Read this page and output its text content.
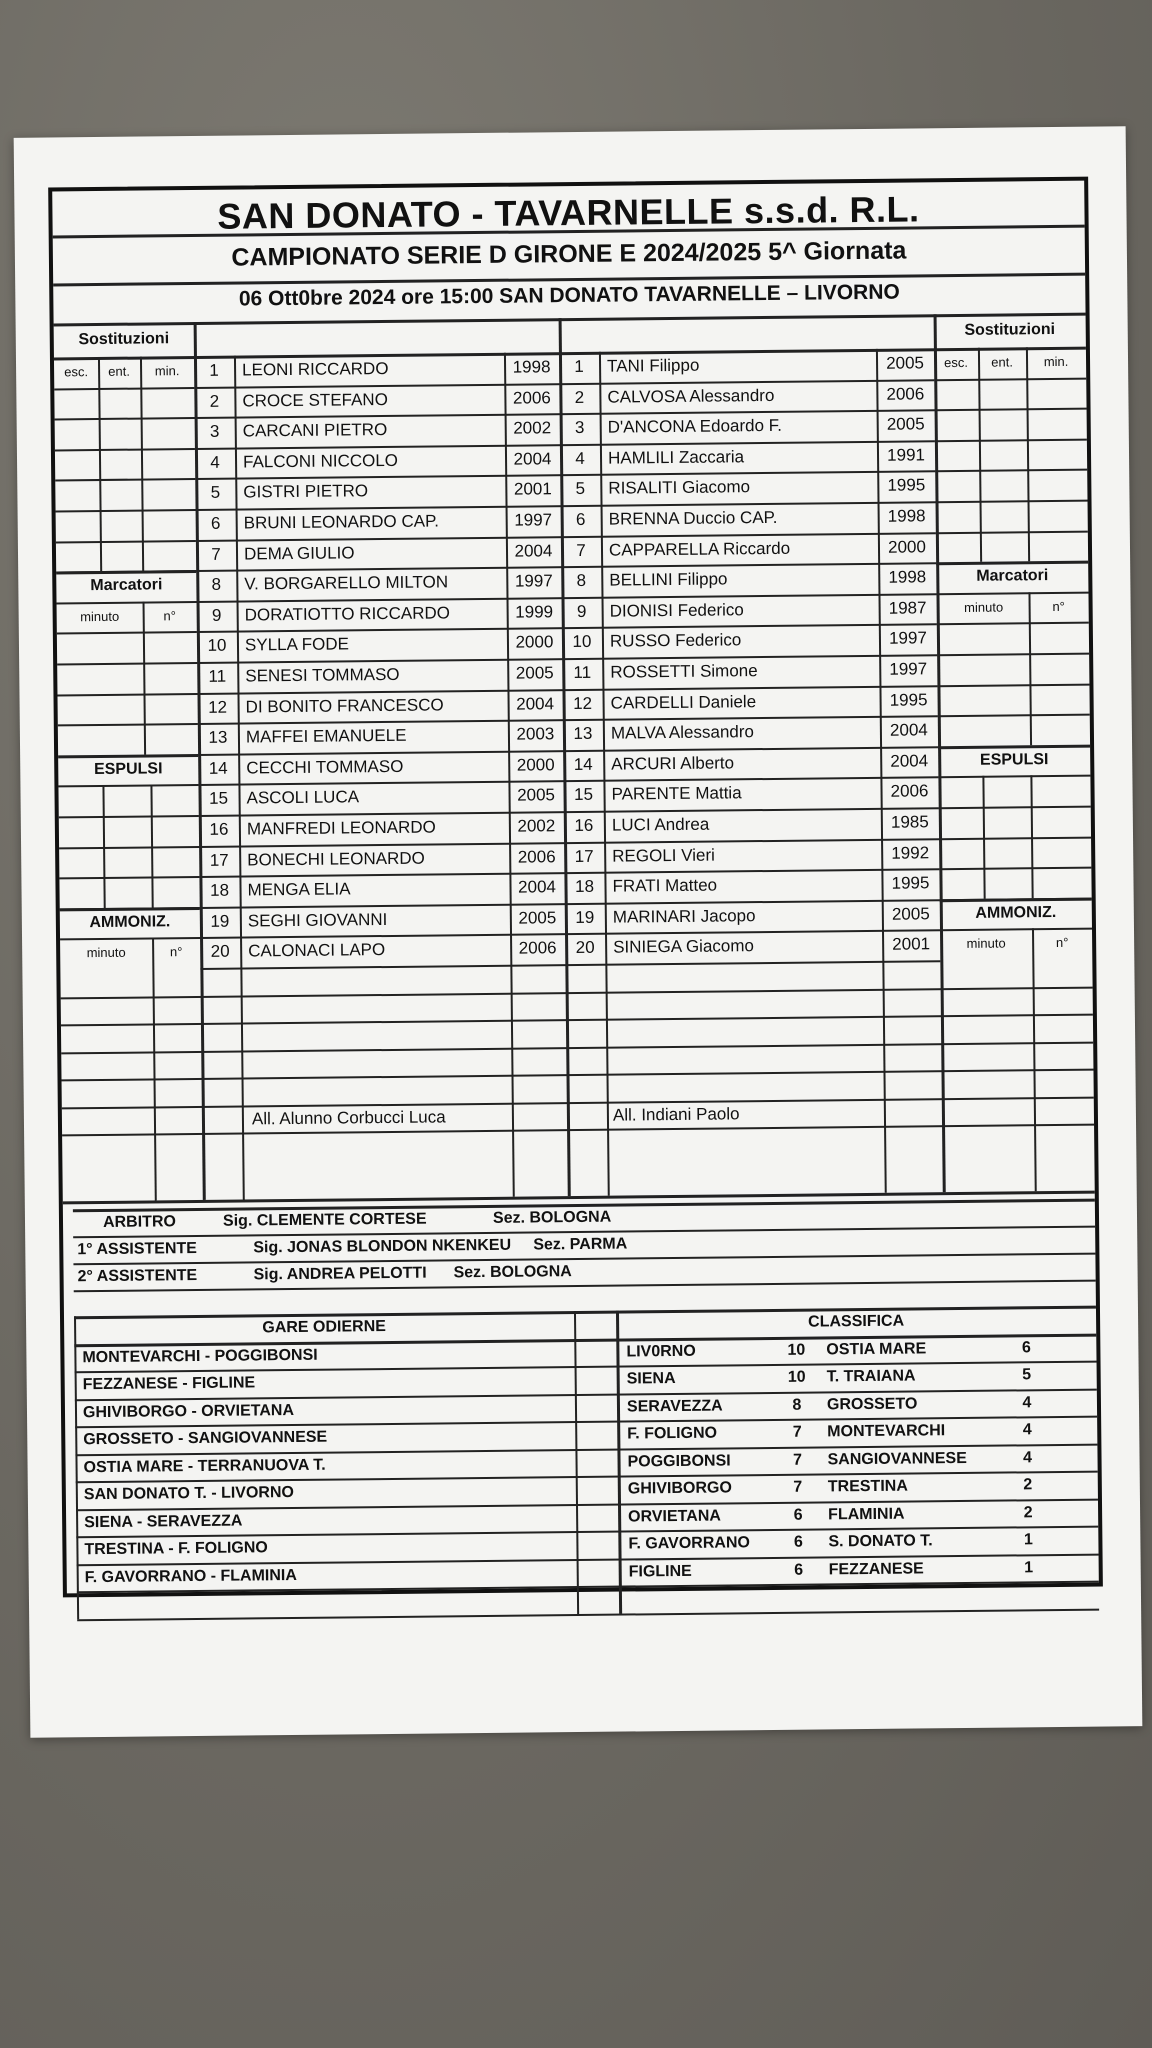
SAN DONATO - TAVARNELLE s.s.d. R.L.
CAMPIONATO SERIE D GIRONE E 2024/2025 5^ Giornata
06 Ott0bre 2024 ore 15:00 SAN DONATO TAVARNELLE – LIVORNO
1	LEONI RICCARDO	1998	1	TANI Filippo	2005
2	CROCE STEFANO	2006	2	CALVOSA Alessandro	2006
3	CARCANI PIETRO	2002	3	D'ANCONA Edoardo F.	2005
4	FALCONI NICCOLO	2004	4	HAMLILI Zaccaria	1991
5	GISTRI PIETRO	2001	5	RISALITI Giacomo	1995
6	BRUNI LEONARDO CAP.	1997	6	BRENNA Duccio CAP.	1998
7	DEMA GIULIO	2004	7	CAPPARELLA Riccardo	2000
8	V. BORGARELLO MILTON	1997	8	BELLINI Filippo	1998
9	DORATIOTTO RICCARDO	1999	9	DIONISI Federico	1987
10	SYLLA FODE	2000	10	RUSSO Federico	1997
11	SENESI TOMMASO	2005	11	ROSSETTI Simone	1997
12	DI BONITO FRANCESCO	2004	12	CARDELLI Daniele	1995
13	MAFFEI EMANUELE	2003	13	MALVA Alessandro	2004
14	CECCHI TOMMASO	2000	14	ARCURI Alberto	2004
15	ASCOLI LUCA	2005	15	PARENTE Mattia	2006
16	MANFREDI LEONARDO	2002	16	LUCI Andrea	1985
17	BONECHI LEONARDO	2006	17	REGOLI Vieri	1992
18	MENGA ELIA	2004	18	FRATI Matteo	1995
19	SEGHI GIOVANNI	2005	19	MARINARI Jacopo	2005
20	CALONACI LAPO	2006	20	SINIEGA Giacomo	2001
All. Alunno Corbucci Luca	All. Indiani Paolo
Sostituzioni
esc.	ent.	min.
Marcatori
minuto	n°
ESPULSI
AMMONIZ.
minuto	n°
Sostituzioni
esc.	ent.	min.
Marcatori
minuto	n°
ESPULSI
AMMONIZ.
minuto	n°
ARBITRO	Sig. CLEMENTE CORTESE	Sez. BOLOGNA
1° ASSISTENTE	Sig. JONAS BLONDON NKENKEU	Sez. PARMA
2° ASSISTENTE	Sig. ANDREA PELOTTI	Sez. BOLOGNA
GARE ODIERNE	CLASSIFICA
MONTEVARCHI - POGGIBONSI	LIV0RNO	10	OSTIA MARE	6
FEZZANESE - FIGLINE	SIENA	10	T. TRAIANA	5
GHIVIBORGO - ORVIETANA	SERAVEZZA	8	GROSSETO	4
GROSSETO - SANGIOVANNESE	F. FOLIGNO	7	MONTEVARCHI	4
OSTIA MARE - TERRANUOVA T.	POGGIBONSI	7	SANGIOVANNESE	4
SAN DONATO T. - LIVORNO	GHIVIBORGO	7	TRESTINA	2
SIENA - SERAVEZZA	ORVIETANA	6	FLAMINIA	2
TRESTINA - F. FOLIGNO	F. GAVORRANO	6	S. DONATO T.	1
F. GAVORRANO - FLAMINIA	FIGLINE	6	FEZZANESE	1
